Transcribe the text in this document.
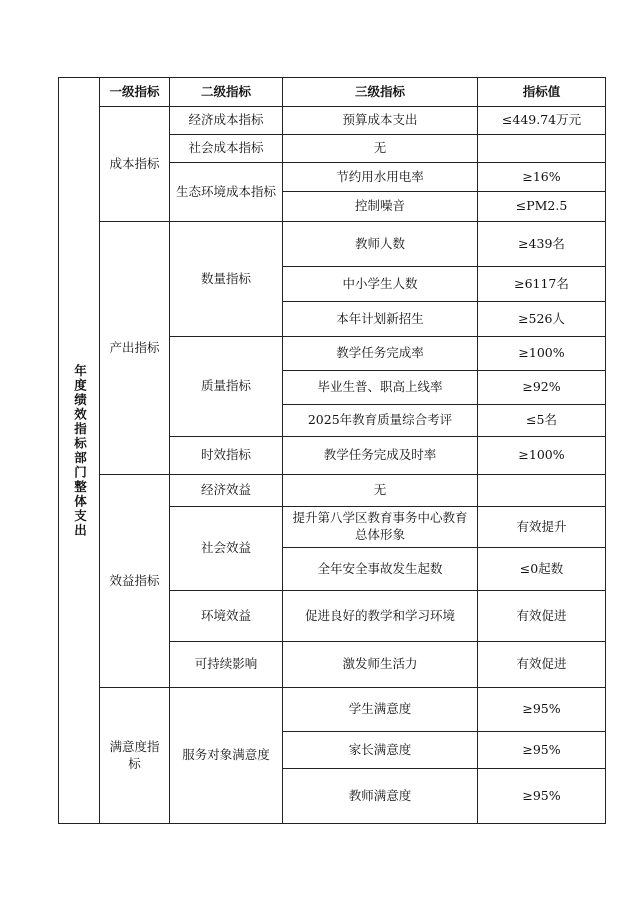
年度绩效指标部门整体支出	一级指标	二级指标	三级指标	指标值
	成本指标	经济成本指标	预算成本支出	≤449.74万元
		社会成本指标	无	
		生态环境成本指标	节约用水用电率	≥16%
			控制噪音	≤PM2.5
	产出指标	数量指标	教师人数	≥439名
			中小学生人数	≥6117名
			本年计划新招生	≥526人
		质量指标	教学任务完成率	≥100%
			毕业生普、职高上线率	≥92%
			2025年教育质量综合考评	≤5名
		时效指标	教学任务完成及时率	≥100%
	效益指标	经济效益	无	
		社会效益	提升第八学区教育事务中心教育总体形象	有效提升
			全年安全事故发生起数	≤0起数
		环境效益	促进良好的教学和学习环境	有效促进
		可持续影响	激发师生活力	有效促进
	满意度指标	服务对象满意度	学生满意度	≥95%
			家长满意度	≥95%
			教师满意度	≥95%
